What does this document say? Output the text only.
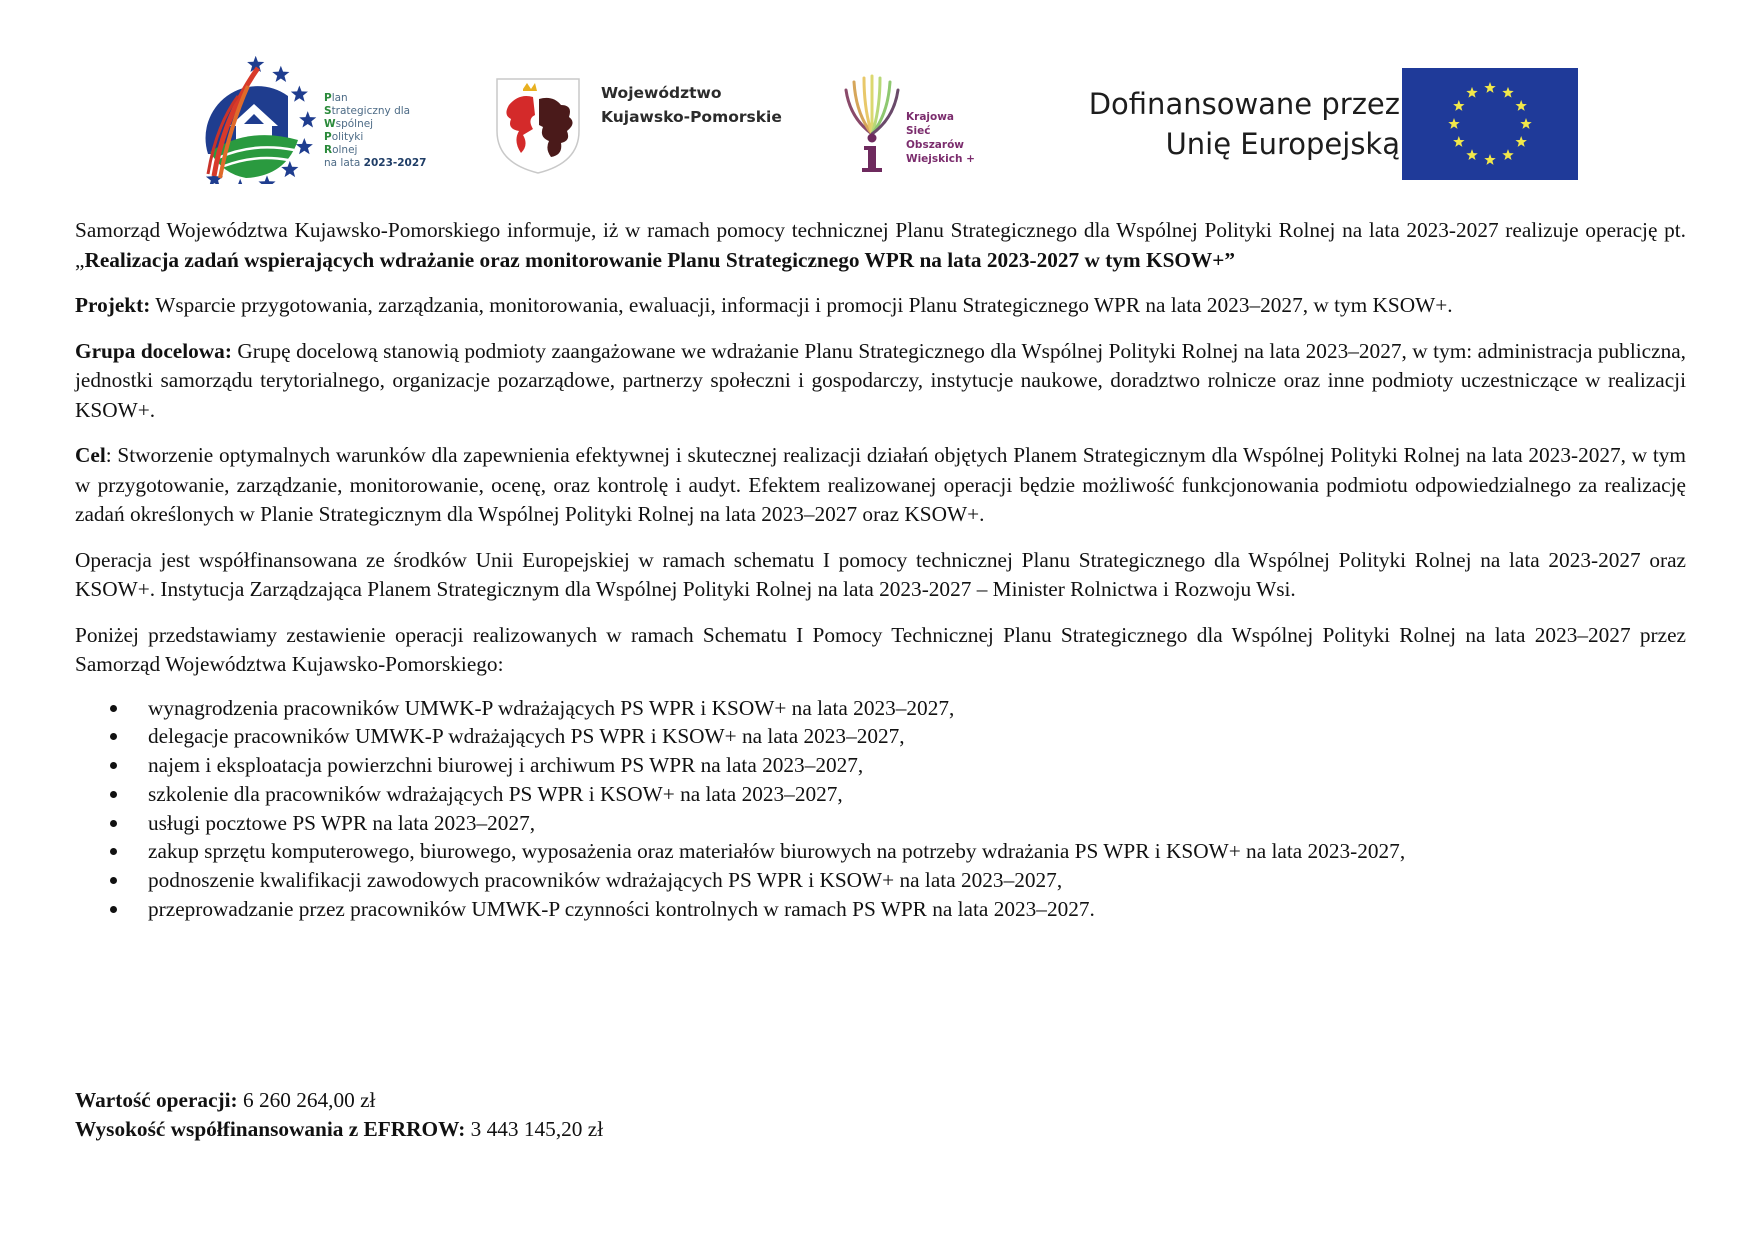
Plan
Strategiczny dla
Wspólnej
Polityki
Rolnej
na lata 2023-2027
Województwo
Kujawsko-Pomorskie	Krajowa
Sieć
Obszarów
Wiejskich +
Dofinansowane przez
Unię Europejską

Samorząd Województwa Kujawsko-Pomorskiego informuje, iż w ramach pomocy technicznej Planu Strategicznego dla Wspólnej Polityki Rolnej na lata 2023-2027 realizuje operację pt. „Realizacja zadań wspierających wdrażanie oraz monitorowanie Planu Strategicznego WPR na lata 2023-2027 w tym KSOW+”

Projekt: Wsparcie przygotowania, zarządzania, monitorowania, ewaluacji, informacji i promocji Planu Strategicznego WPR na lata 2023–2027, w tym KSOW+.

Grupa docelowa: Grupę docelową stanowią podmioty zaangażowane we wdrażanie Planu Strategicznego dla Wspólnej Polityki Rolnej na lata 2023–2027, w tym: administracja publiczna, jednostki samorządu terytorialnego, organizacje pozarządowe, partnerzy społeczni i gospodarczy, instytucje naukowe, doradztwo rolnicze oraz inne podmioty uczestniczące w realizacji KSOW+.

Cel: Stworzenie optymalnych warunków dla zapewnienia efektywnej i skutecznej realizacji działań objętych Planem Strategicznym dla Wspólnej Polityki Rolnej na lata 2023-2027, w tym w przygotowanie, zarządzanie, monitorowanie, ocenę, oraz kontrolę i audyt. Efektem realizowanej operacji będzie możliwość funkcjonowania podmiotu odpowiedzialnego za realizację zadań określonych w Planie Strategicznym dla Wspólnej Polityki Rolnej na lata 2023–2027 oraz KSOW+.

Operacja jest współfinansowana ze środków Unii Europejskiej w ramach schematu I pomocy technicznej Planu Strategicznego dla Wspólnej Polityki Rolnej na lata 2023-2027 oraz KSOW+. Instytucja Zarządzająca Planem Strategicznym dla Wspólnej Polityki Rolnej na lata 2023-2027 – Minister Rolnictwa i Rozwoju Wsi.

Poniżej przedstawiamy zestawienie operacji realizowanych w ramach Schematu I Pomocy Technicznej Planu Strategicznego dla Wspólnej Polityki Rolnej na lata 2023–2027 przez Samorząd Województwa Kujawsko-Pomorskiego:

wynagrodzenia pracowników UMWK-P wdrażających PS WPR i KSOW+ na lata 2023–2027,
delegacje pracowników UMWK-P wdrażających PS WPR i KSOW+ na lata 2023–2027,
najem i eksploatacja powierzchni biurowej i archiwum PS WPR na lata 2023–2027,
szkolenie dla pracowników wdrażających PS WPR i KSOW+ na lata 2023–2027,
usługi pocztowe PS WPR na lata 2023–2027,
zakup sprzętu komputerowego, biurowego, wyposażenia oraz materiałów biurowych na potrzeby wdrażania PS WPR i KSOW+ na lata 2023-2027,
podnoszenie kwalifikacji zawodowych pracowników wdrażających PS WPR i KSOW+ na lata 2023–2027,
przeprowadzanie przez pracowników UMWK-P czynności kontrolnych w ramach PS WPR na lata 2023–2027.
Wartość operacji: 6 260 264,00 zł
Wysokość współfinansowania z EFRROW: 3 443 145,20 zł
